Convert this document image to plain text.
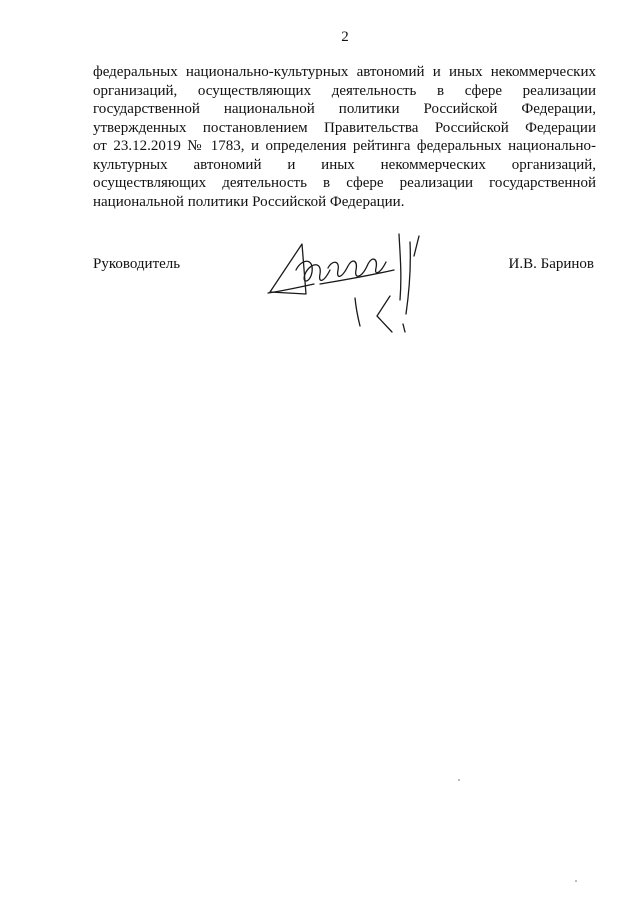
2
федеральных национально-культурных автономий и иных некоммерческих
организаций, осуществляющих деятельность в сфере реализации
государственной национальной политики Российской Федерации,
утвержденных постановлением Правительства Российской Федерации
от 23.12.2019 № 1783, и определения рейтинга федеральных национально-
культурных автономий и иных некоммерческих организаций,
осуществляющих деятельность в сфере реализации государственной
национальной политики Российской Федерации.
Руководитель	И.В. Баринов
